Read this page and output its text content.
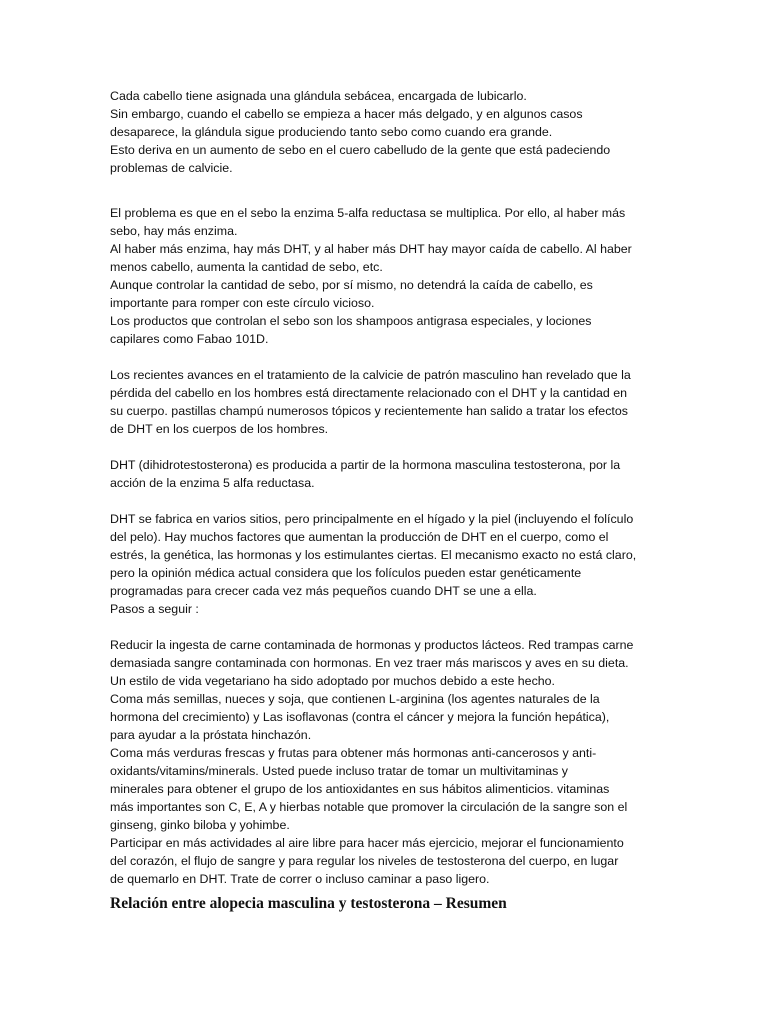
Cada cabello tiene asignada una glándula sebácea, encargada de lubicarlo.
Sin embargo, cuando el cabello se empieza a hacer más delgado, y en algunos casos
desaparece, la glándula sigue produciendo tanto sebo como cuando era grande.
Esto deriva en un aumento de sebo en el cuero cabelludo de la gente que está padeciendo
problemas de calvicie.
El problema es que en el sebo la enzima 5-alfa reductasa se multiplica. Por ello, al haber más
sebo, hay más enzima.
Al haber más enzima, hay más DHT, y al haber más DHT hay mayor caída de cabello. Al haber
menos cabello, aumenta la cantidad de sebo, etc.
Aunque controlar la cantidad de sebo, por sí mismo, no detendrá la caída de cabello, es
importante para romper con este círculo vicioso.
Los productos que controlan el sebo son los shampoos antigrasa especiales, y lociones
capilares como Fabao 101D.
Los recientes avances en el tratamiento de la calvicie de patrón masculino han revelado que la
pérdida del cabello en los hombres está directamente relacionado con el DHT y la cantidad en
su cuerpo. pastillas champú numerosos tópicos y recientemente han salido a tratar los efectos
de DHT en los cuerpos de los hombres.
DHT (dihidrotestosterona) es producida a partir de la hormona masculina testosterona, por la
acción de la enzima 5 alfa reductasa.
DHT se fabrica en varios sitios, pero principalmente en el hígado y la piel (incluyendo el folículo
del pelo). Hay muchos factores que aumentan la producción de DHT en el cuerpo, como el
estrés, la genética, las hormonas y los estimulantes ciertas. El mecanismo exacto no está claro,
pero la opinión médica actual considera que los folículos pueden estar genéticamente
programadas para crecer cada vez más pequeños cuando DHT se une a ella.
Pasos a seguir :
Reducir la ingesta de carne contaminada de hormonas y productos lácteos. Red trampas carne
demasiada sangre contaminada con hormonas. En vez traer más mariscos y aves en su dieta.
Un estilo de vida vegetariano ha sido adoptado por muchos debido a este hecho.
Coma más semillas, nueces y soja, que contienen L-arginina (los agentes naturales de la
hormona del crecimiento) y Las isoflavonas (contra el cáncer y mejora la función hepática),
para ayudar a la próstata hinchazón.
Coma más verduras frescas y frutas para obtener más hormonas anti-cancerosos y anti-
oxidants/vitamins/minerals. Usted puede incluso tratar de tomar un multivitaminas y
minerales para obtener el grupo de los antioxidantes en sus hábitos alimenticios. vitaminas
más importantes son C, E, A y hierbas notable que promover la circulación de la sangre son el
ginseng, ginko biloba y yohimbe.
Participar en más actividades al aire libre para hacer más ejercicio, mejorar el funcionamiento
del corazón, el flujo de sangre y para regular los niveles de testosterona del cuerpo, en lugar
de quemarlo en DHT. Trate de correr o incluso caminar a paso ligero.
Relación entre alopecia masculina y testosterona – Resumen
